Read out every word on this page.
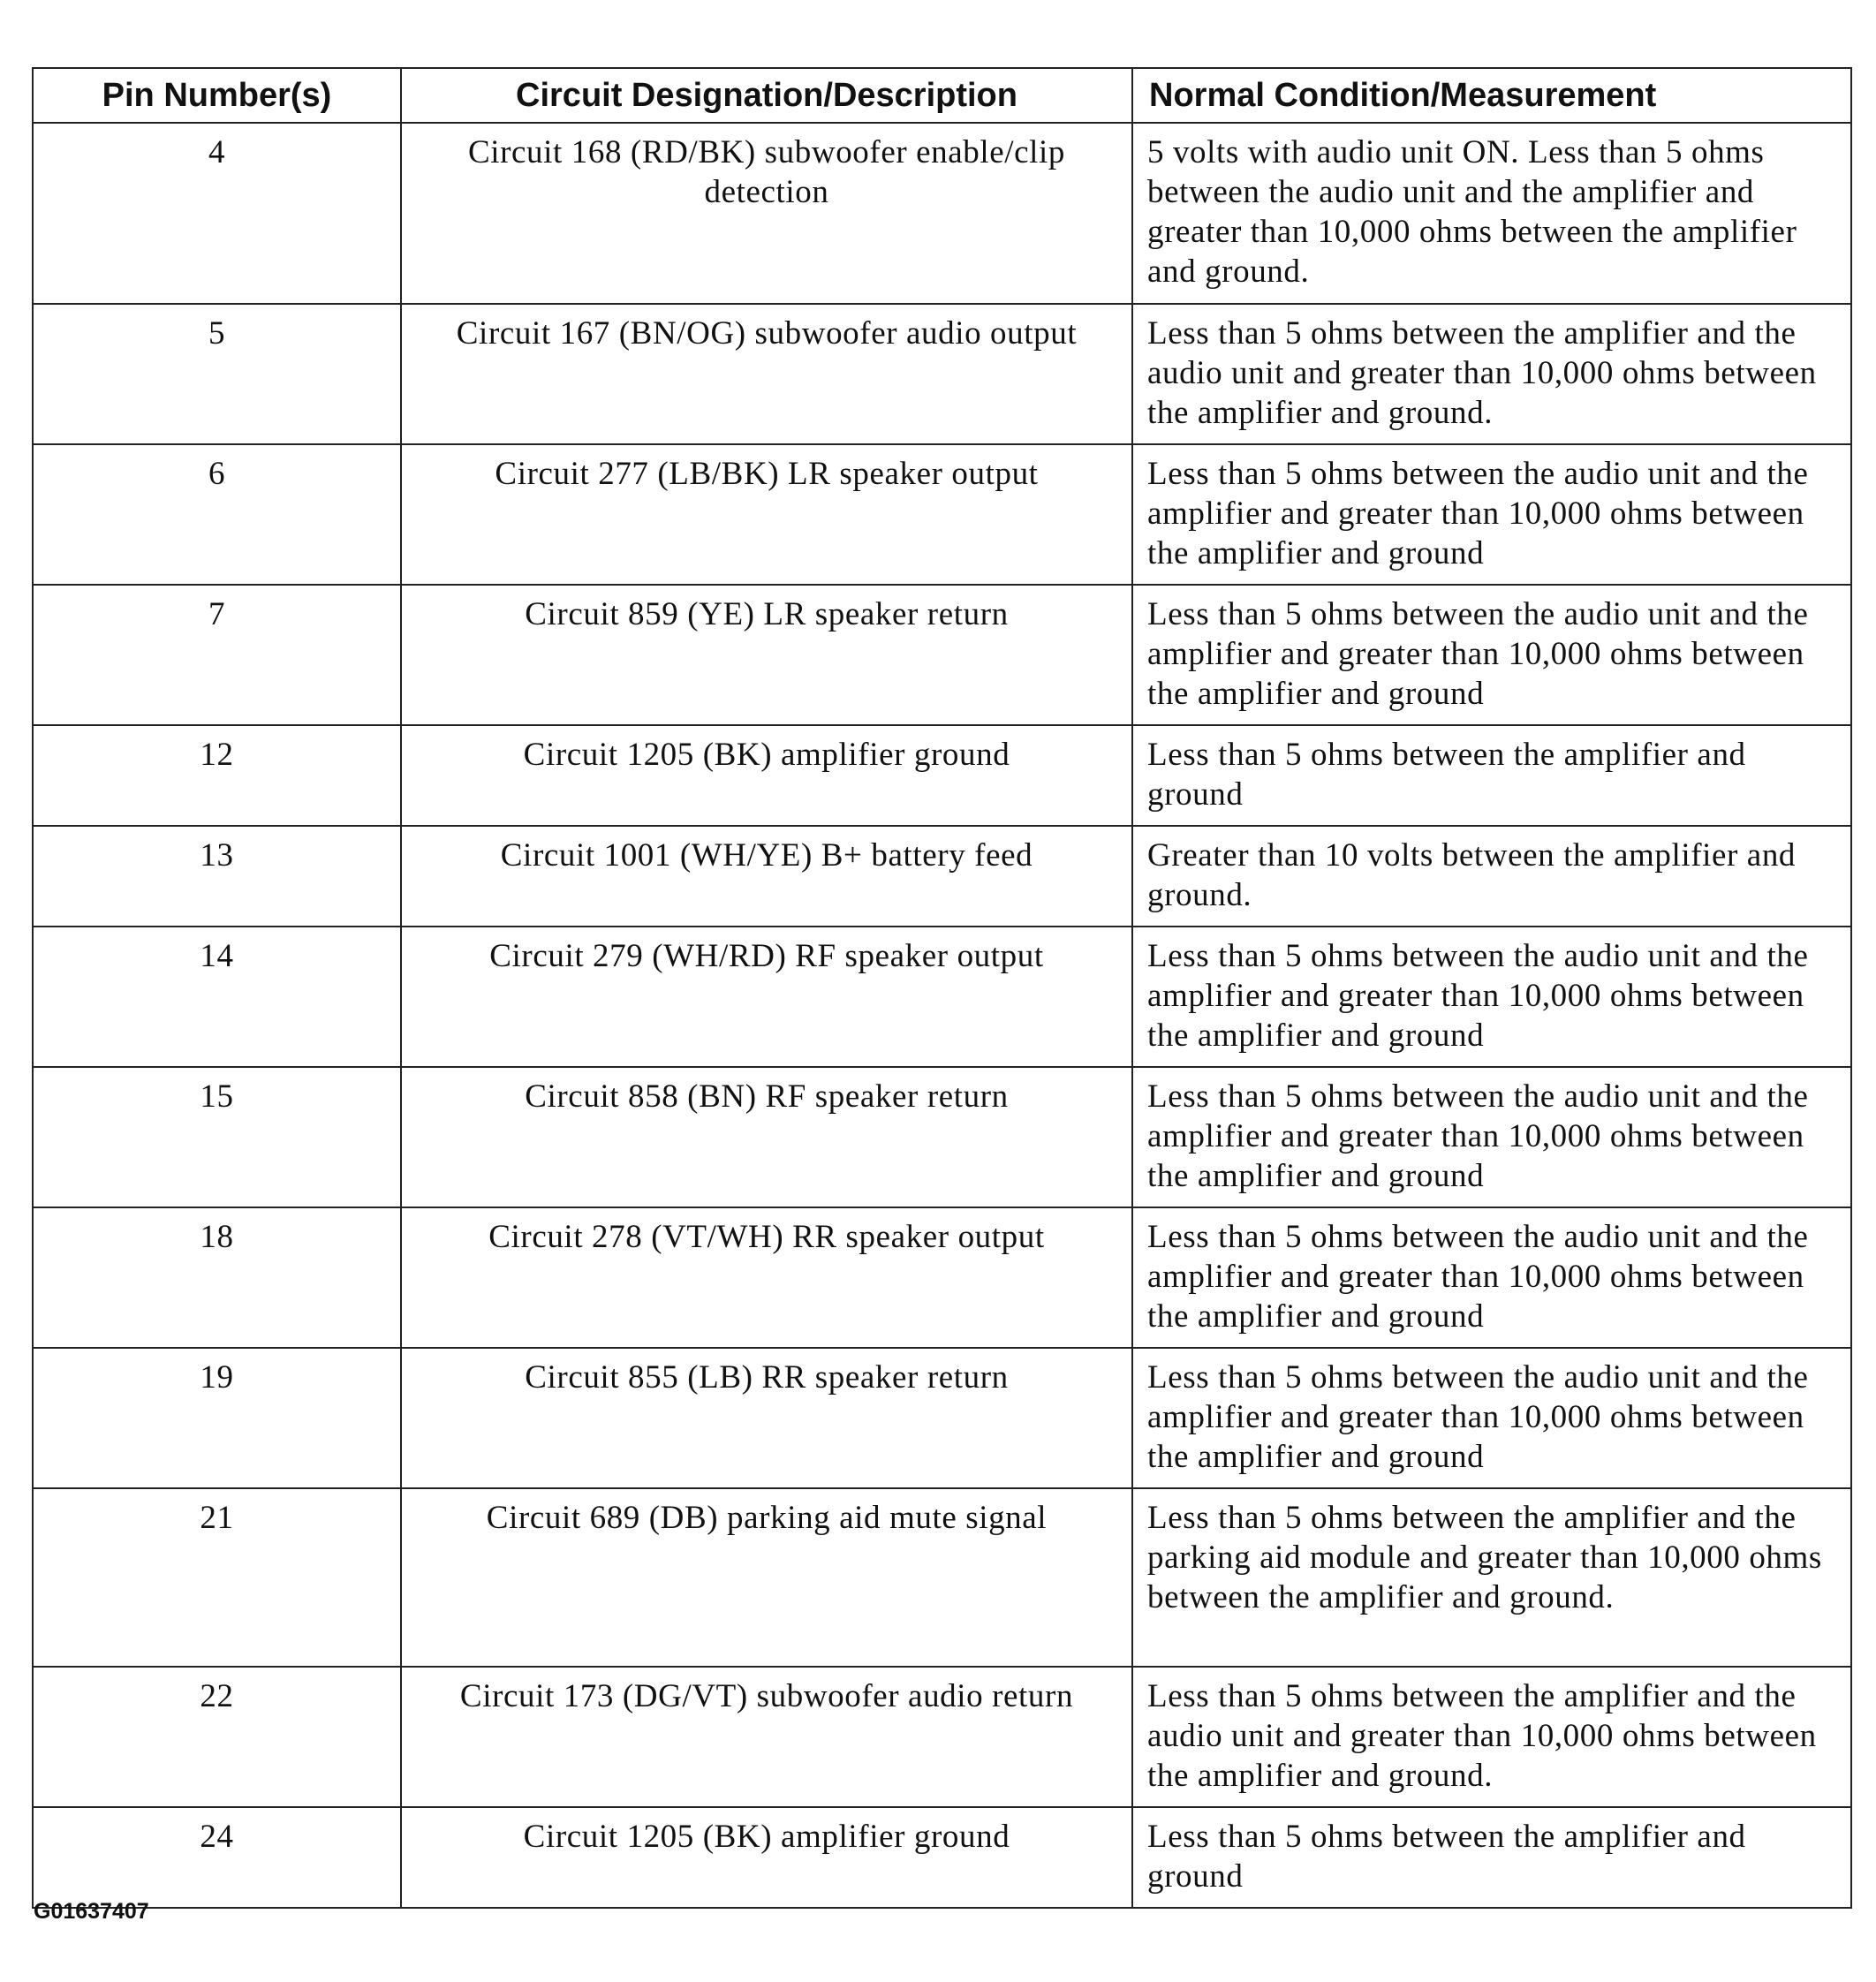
Pin Number(s)	Circuit Designation/Description	Normal Condition/Measurement
4	Circuit 168 (RD/BK) subwoofer enable/clip detection	5 volts with audio unit ON. Less than 5 ohms between the audio unit and the amplifier and greater than 10,000 ohms between the amplifier and ground.
5	Circuit 167 (BN/OG) subwoofer audio output	Less than 5 ohms between the amplifier and the audio unit and greater than 10,000 ohms between the amplifier and ground.
6	Circuit 277 (LB/BK) LR speaker output	Less than 5 ohms between the audio unit and the amplifier and greater than 10,000 ohms between the amplifier and ground
7	Circuit 859 (YE) LR speaker return	Less than 5 ohms between the audio unit and the amplifier and greater than 10,000 ohms between the amplifier and ground
12	Circuit 1205 (BK) amplifier ground	Less than 5 ohms between the amplifier and ground
13	Circuit 1001 (WH/YE) B+ battery feed	Greater than 10 volts between the amplifier and ground.
14	Circuit 279 (WH/RD) RF speaker output	Less than 5 ohms between the audio unit and the amplifier and greater than 10,000 ohms between the amplifier and ground
15	Circuit 858 (BN) RF speaker return	Less than 5 ohms between the audio unit and the amplifier and greater than 10,000 ohms between the amplifier and ground
18	Circuit 278 (VT/WH) RR speaker output	Less than 5 ohms between the audio unit and the amplifier and greater than 10,000 ohms between the amplifier and ground
19	Circuit 855 (LB) RR speaker return	Less than 5 ohms between the audio unit and the amplifier and greater than 10,000 ohms between the amplifier and ground
21	Circuit 689 (DB) parking aid mute signal	Less than 5 ohms between the amplifier and the parking aid module and greater than 10,000 ohms between the amplifier and ground.
22	Circuit 173 (DG/VT) subwoofer audio return	Less than 5 ohms between the amplifier and the audio unit and greater than 10,000 ohms between the amplifier and ground.
24	Circuit 1205 (BK) amplifier ground	Less than 5 ohms between the amplifier and ground
G01637407
